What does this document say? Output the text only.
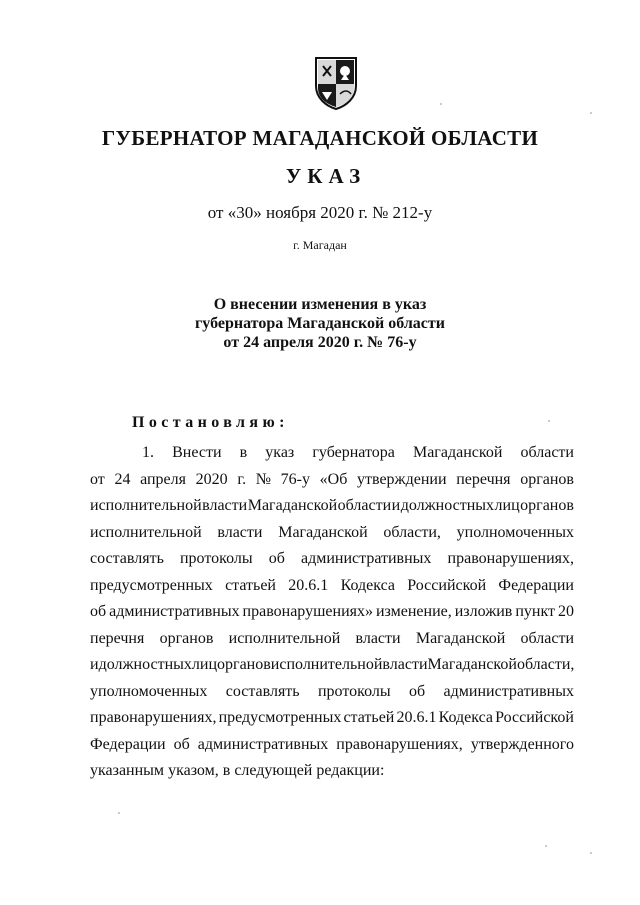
ГУБЕРНАТОР МАГАДАНСКОЙ ОБЛАСТИ
УКАЗ
от «30» ноября 2020 г. № 212-у
г. Магадан
О внесении изменения в указ
губернатора Магаданской области
от 24 апреля 2020 г. № 76-у
Постановляю:
1. Внести в указ губернатора Магаданской области
от 24 апреля 2020 г. № 76-у «Об утверждении перечня органов
исполнительной власти Магаданской области и должностных лиц органов
исполнительной власти Магаданской области, уполномоченных
составлять протоколы об административных правонарушениях,
предусмотренных статьей 20.6.1 Кодекса Российской Федерации
об административных правонарушениях» изменение, изложив пункт 20
перечня органов исполнительной власти Магаданской области
и должностных лиц органов исполнительной власти Магаданской области,
уполномоченных составлять протоколы об административных
правонарушениях, предусмотренных статьей 20.6.1 Кодекса Российской
Федерации об административных правонарушениях, утвержденного
указанным указом, в следующей редакции:
